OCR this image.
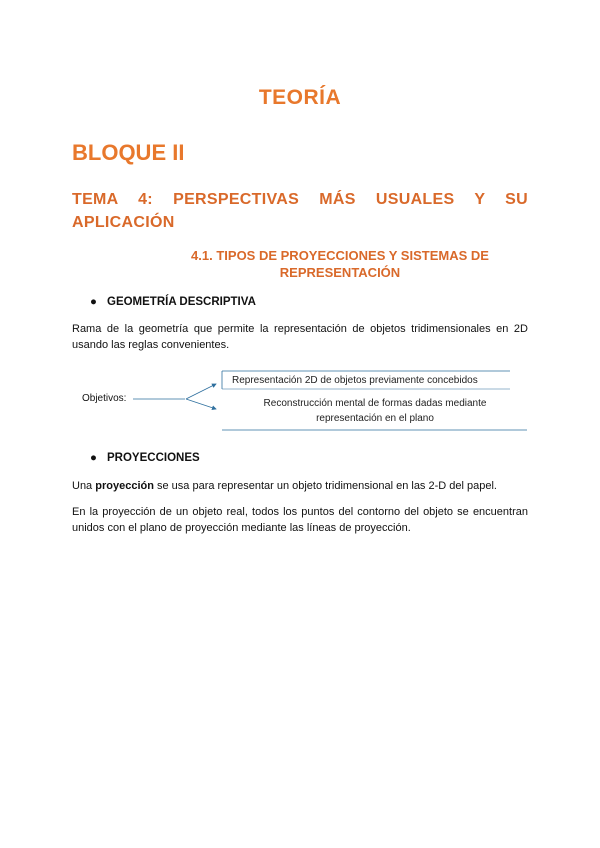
TEORÍA
BLOQUE II
TEMA 4: PERSPECTIVAS MÁS USUALES Y SU APLICACIÓN
4.1. TIPOS DE PROYECCIONES Y SISTEMAS DE
REPRESENTACIÓN
● GEOMETRÍA DESCRIPTIVA
Rama de la geometría que permite la representación de objetos tridimensionales en 2D usando las reglas convenientes.
Objetivos:
Representación 2D de objetos previamente concebidos
Reconstrucción mental de formas dadas mediante
representación en el plano
● PROYECCIONES
Una proyección se usa para representar un objeto tridimensional en las 2-D del papel.
En la proyección de un objeto real, todos los puntos del contorno del objeto se encuentran unidos con el plano de proyección mediante las líneas de proyección.
